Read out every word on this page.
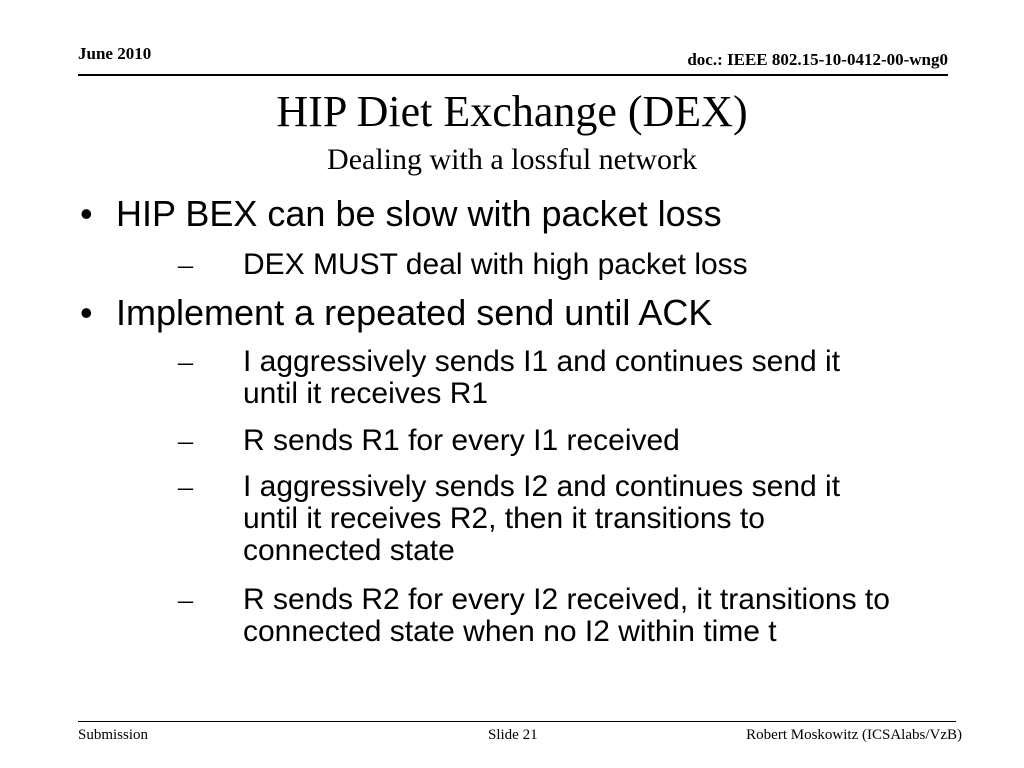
June 2010	doc.: IEEE 802.15-10-0412-00-wng0
HIP Diet Exchange (DEX)
Dealing with a lossful network
• HIP BEX can be slow with packet loss
– DEX MUST deal with high packet loss
• Implement a repeated send until ACK
– I aggressively sends I1 and continues send it until it receives R1
– R sends R1 for every I1 received
– I aggressively sends I2 and continues send it until it receives R2, then it transitions to connected state
– R sends R2 for every I2 received, it transitions to connected state when no I2 within time t
Submission	Slide 21	Robert Moskowitz (ICSAlabs/VzB)
